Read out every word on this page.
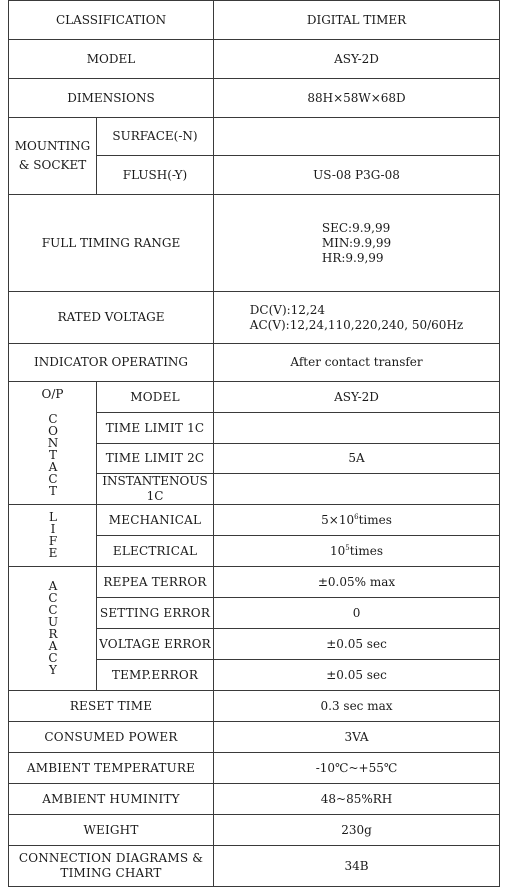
CLASSIFICATION		DIGITAL TIMER
MODEL		ASY-2D
DIMENSIONS		88H×58W×68D

MOUNTING
& SOCKET	SURFACE(-N)	
	FLUSH(-Y)	US-08 P3G-08
FULL TIMING RANGE		SEC:9.9,99
MIN:9.9,99
HR:9.9,99

RATED VOLTAGE		DC(V):12,24
AC(V):12,24,110,220,240, 50/60Hz

INDICATOR OPERATING		After contact transfer

O/P
CONTACT	MODEL	ASY-2D
	TIME LIMIT 1C	
	TIME LIMIT 2C	5A
	INSTANTENOUS 1C	
LIFE	MECHANICAL	$5\times 10^6times$
	ELECTRICAL	$10^5times$
ACCURACY	REPEA TERROR	±0.05% max
	SETTING ERROR	0
	VOLTAGE ERROR	±0.05 sec
	TEMP.ERROR	±0.05 sec
RESET TIME		0.3 sec max
CONSUMED POWER		3VA
AMBIENT TEMPERATURE		-10℃~+55℃
AMBIENT HUMINITY		48~85%RH
WEIGHT		230g

CONNECTION DIAGRAMS &
TIMING CHART		34B
